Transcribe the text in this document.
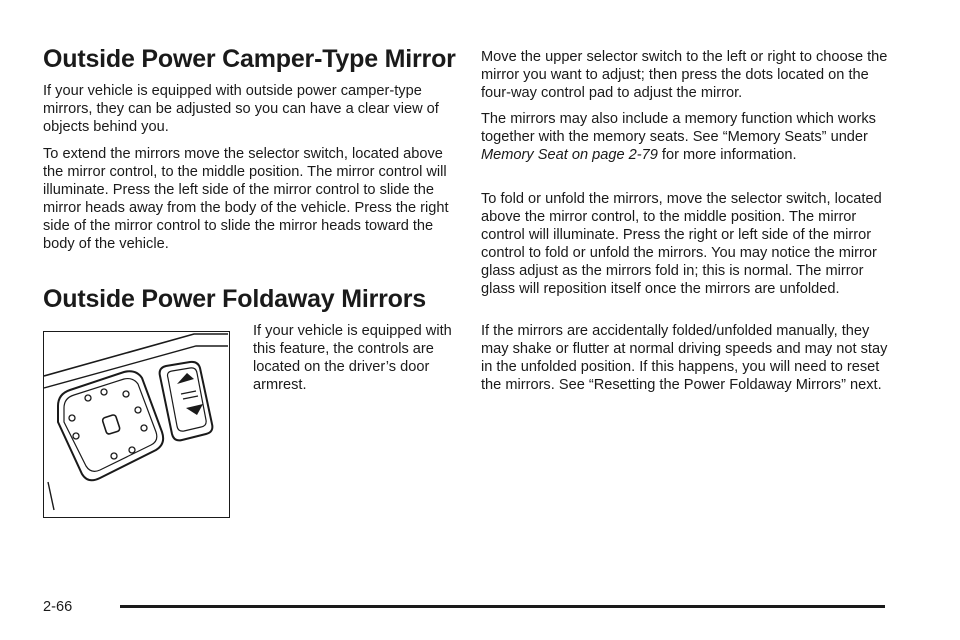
Outside Power Camper-Type Mirror

If your vehicle is equipped with outside power camper-type mirrors, they can be adjusted so you can have a clear view of objects behind you.

To extend the mirrors move the selector switch, located above the mirror control, to the middle position. The mirror control will illuminate. Press the left side of the mirror control to slide the mirror heads away from the body of the vehicle. Press the right side of the mirror control to slide the mirror heads toward the body of the vehicle.

Outside Power Foldaway Mirrors

If your vehicle is equipped with this feature, the controls are located on the driver’s door armrest.

Move the upper selector switch to the left or right to choose the mirror you want to adjust; then press the dots located on the four-way control pad to adjust the mirror.

The mirrors may also include a memory function which works together with the memory seats. See “Memory Seats” under Memory Seat on page 2-79 for more information.

To fold or unfold the mirrors, move the selector switch, located above the mirror control, to the middle position. The mirror control will illuminate. Press the right or left side of the mirror control to fold or unfold the mirrors. You may notice the mirror glass adjust as the mirrors fold in; this is normal. The mirror glass will reposition itself once the mirrors are unfolded.

If the mirrors are accidentally folded/unfolded manually, they may shake or flutter at normal driving speeds and may not stay in the unfolded position. If this happens, you will need to reset the mirrors. See “Resetting the Power Foldaway Mirrors” next.

2-66
